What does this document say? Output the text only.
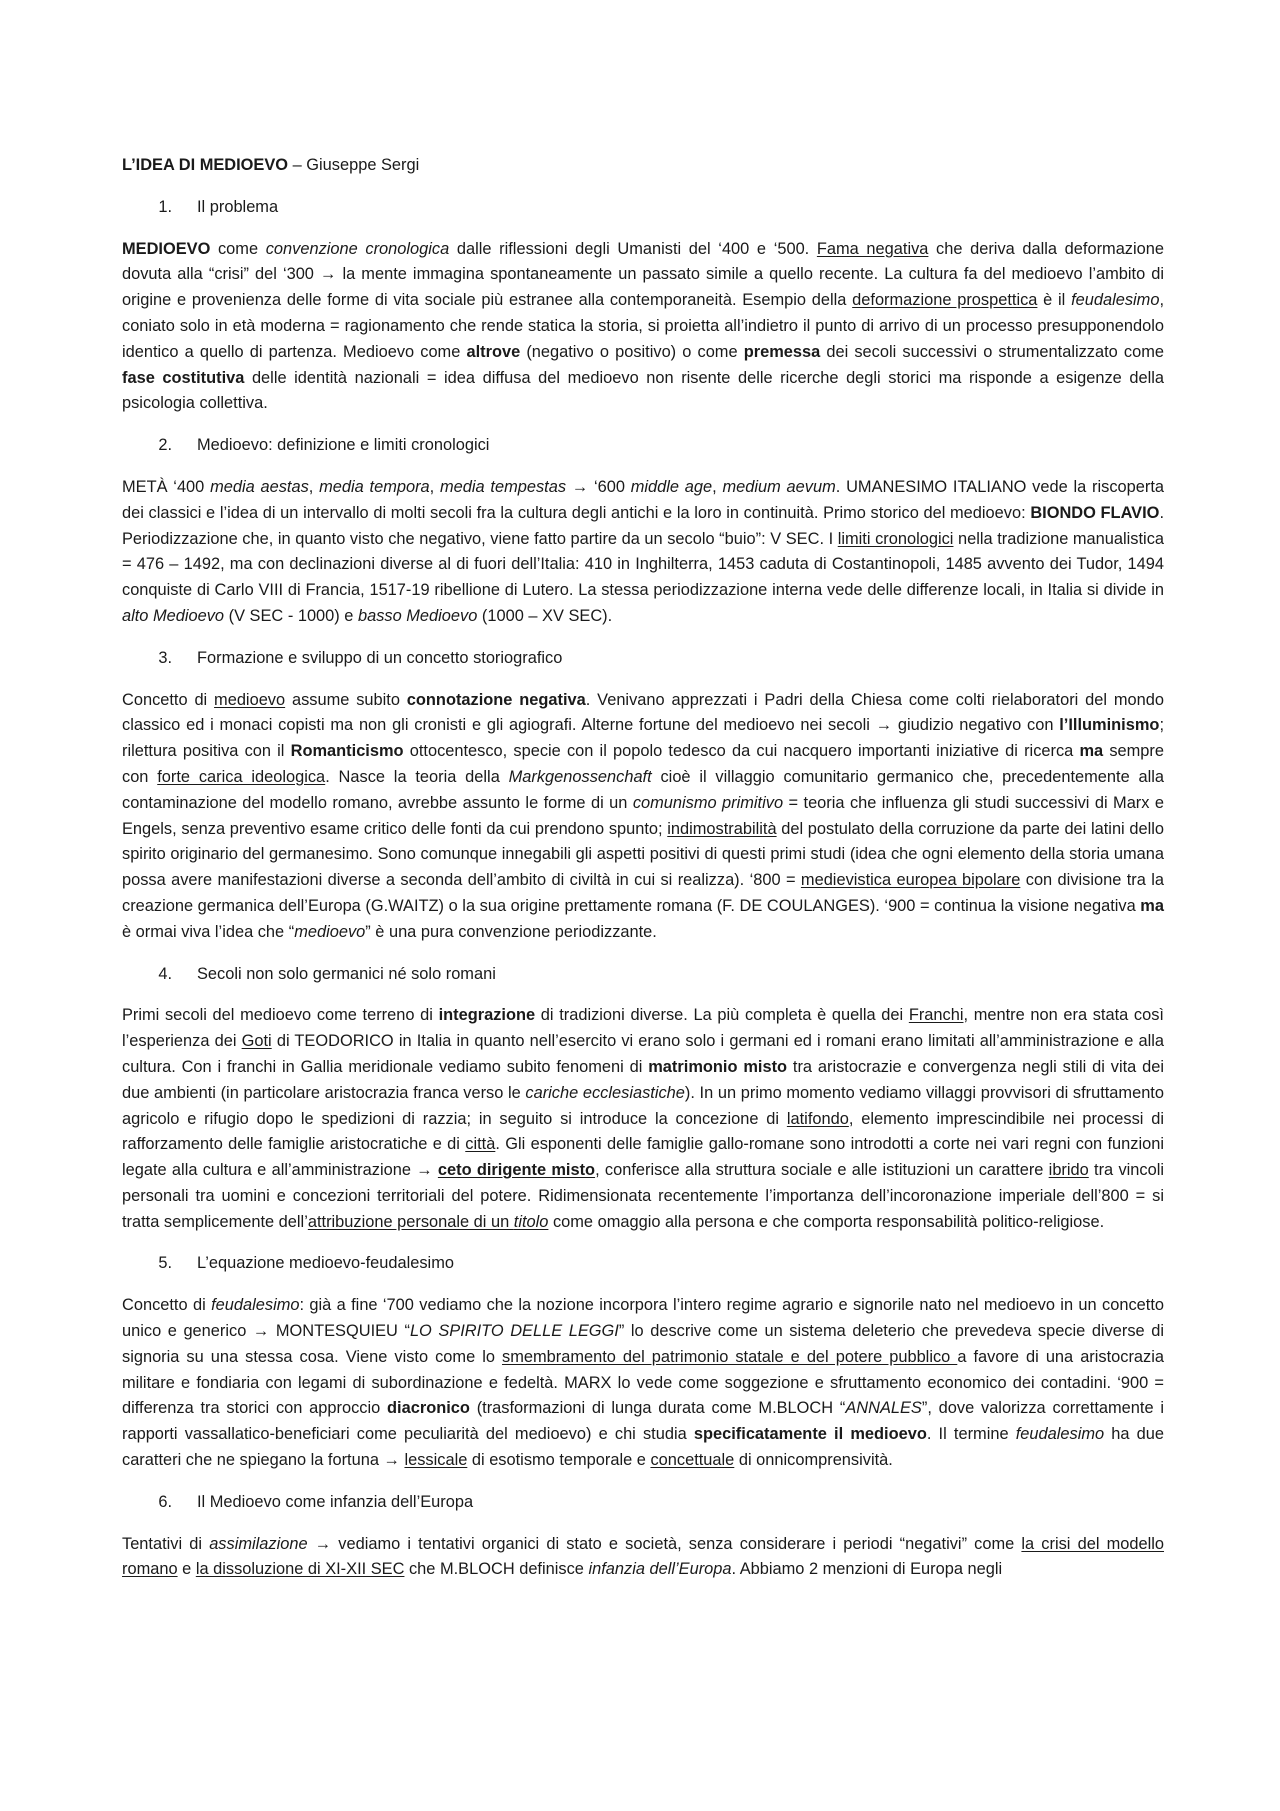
L’IDEA DI MEDIOEVO – Giuseppe Sergi
1.	Il problema
MEDIOEVO come convenzione cronologica dalle riflessioni degli Umanisti del ‘400 e ‘500. Fama negativa che deriva dalla deformazione dovuta alla “crisi” del ‘300 → la mente immagina spontaneamente un passato simile a quello recente. La cultura fa del medioevo l’ambito di origine e provenienza delle forme di vita sociale più estranee alla contemporaneità. Esempio della deformazione prospettica è il feudalesimo, coniato solo in età moderna = ragionamento che rende statica la storia, si proietta all’indietro il punto di arrivo di un processo presupponendolo identico a quello di partenza. Medioevo come altrove (negativo o positivo) o come premessa dei secoli successivi o strumentalizzato come fase costitutiva delle identità nazionali = idea diffusa del medioevo non risente delle ricerche degli storici ma risponde a esigenze della psicologia collettiva.
2.	Medioevo: definizione e limiti cronologici
METÀ ‘400 media aestas, media tempora, media tempestas → ‘600 middle age, medium aevum. UMANESIMO ITALIANO vede la riscoperta dei classici e l’idea di un intervallo di molti secoli fra la cultura degli antichi e la loro in continuità. Primo storico del medioevo: BIONDO FLAVIO. Periodizzazione che, in quanto visto che negativo, viene fatto partire da un secolo “buio”: V SEC. I limiti cronologici nella tradizione manualistica = 476 – 1492, ma con declinazioni diverse al di fuori dell’Italia: 410 in Inghilterra, 1453 caduta di Costantinopoli, 1485 avvento dei Tudor, 1494 conquiste di Carlo VIII di Francia, 1517-19 ribellione di Lutero. La stessa periodizzazione interna vede delle differenze locali, in Italia si divide in alto Medioevo (V SEC - 1000) e basso Medioevo (1000 – XV SEC).
3.	Formazione e sviluppo di un concetto storiografico
Concetto di medioevo assume subito connotazione negativa. Venivano apprezzati i Padri della Chiesa come colti rielaboratori del mondo classico ed i monaci copisti ma non gli cronisti e gli agiografi. Alterne fortune del medioevo nei secoli → giudizio negativo con l’Illuminismo; rilettura positiva con il Romanticismo ottocentesco, specie con il popolo tedesco da cui nacquero importanti iniziative di ricerca ma sempre con forte carica ideologica. Nasce la teoria della Markgenossenchaft cioè il villaggio comunitario germanico che, precedentemente alla contaminazione del modello romano, avrebbe assunto le forme di un comunismo primitivo = teoria che influenza gli studi successivi di Marx e Engels, senza preventivo esame critico delle fonti da cui prendono spunto; indimostrabilità del postulato della corruzione da parte dei latini dello spirito originario del germanesimo. Sono comunque innegabili gli aspetti positivi di questi primi studi (idea che ogni elemento della storia umana possa avere manifestazioni diverse a seconda dell’ambito di civiltà in cui si realizza). ‘800 = medievistica europea bipolare con divisione tra la creazione germanica dell’Europa (G.WAITZ) o la sua origine prettamente romana (F. DE COULANGES). ‘900 = continua la visione negativa ma è ormai viva l’idea che “medioevo” è una pura convenzione periodizzante.
4.	Secoli non solo germanici né solo romani
Primi secoli del medioevo come terreno di integrazione di tradizioni diverse. La più completa è quella dei Franchi, mentre non era stata così l’esperienza dei Goti di TEODORICO in Italia in quanto nell’esercito vi erano solo i germani ed i romani erano limitati all’amministrazione e alla cultura. Con i franchi in Gallia meridionale vediamo subito fenomeni di matrimonio misto tra aristocrazie e convergenza negli stili di vita dei due ambienti (in particolare aristocrazia franca verso le cariche ecclesiastiche). In un primo momento vediamo villaggi provvisori di sfruttamento agricolo e rifugio dopo le spedizioni di razzia; in seguito si introduce la concezione di latifondo, elemento imprescindibile nei processi di rafforzamento delle famiglie aristocratiche e di città. Gli esponenti delle famiglie gallo-romane sono introdotti a corte nei vari regni con funzioni legate alla cultura e all’amministrazione → ceto dirigente misto, conferisce alla struttura sociale e alle istituzioni un carattere ibrido tra vincoli personali tra uomini e concezioni territoriali del potere. Ridimensionata recentemente l’importanza dell’incoronazione imperiale dell’800 = si tratta semplicemente dell’attribuzione personale di un titolo come omaggio alla persona e che comporta responsabilità politico-religiose.
5.	L’equazione medioevo-feudalesimo
Concetto di feudalesimo: già a fine ‘700 vediamo che la nozione incorpora l’intero regime agrario e signorile nato nel medioevo in un concetto unico e generico → MONTESQUIEU “LO SPIRITO DELLE LEGGI” lo descrive come un sistema deleterio che prevedeva specie diverse di signoria su una stessa cosa. Viene visto come lo smembramento del patrimonio statale e del potere pubblico a favore di una aristocrazia militare e fondiaria con legami di subordinazione e fedeltà. MARX lo vede come soggezione e sfruttamento economico dei contadini. ‘900 = differenza tra storici con approccio diacronico (trasformazioni di lunga durata come M.BLOCH “ANNALES”, dove valorizza correttamente i rapporti vassallatico-beneficiari come peculiarità del medioevo) e chi studia specificatamente il medioevo. Il termine feudalesimo ha due caratteri che ne spiegano la fortuna → lessicale di esotismo temporale e concettuale di onnicomprensività.
6.	Il Medioevo come infanzia dell’Europa
Tentativi di assimilazione → vediamo i tentativi organici di stato e società, senza considerare i periodi “negativi” come la crisi del modello romano e la dissoluzione di XI-XII SEC che M.BLOCH definisce infanzia dell’Europa. Abbiamo 2 menzioni di Europa negli
